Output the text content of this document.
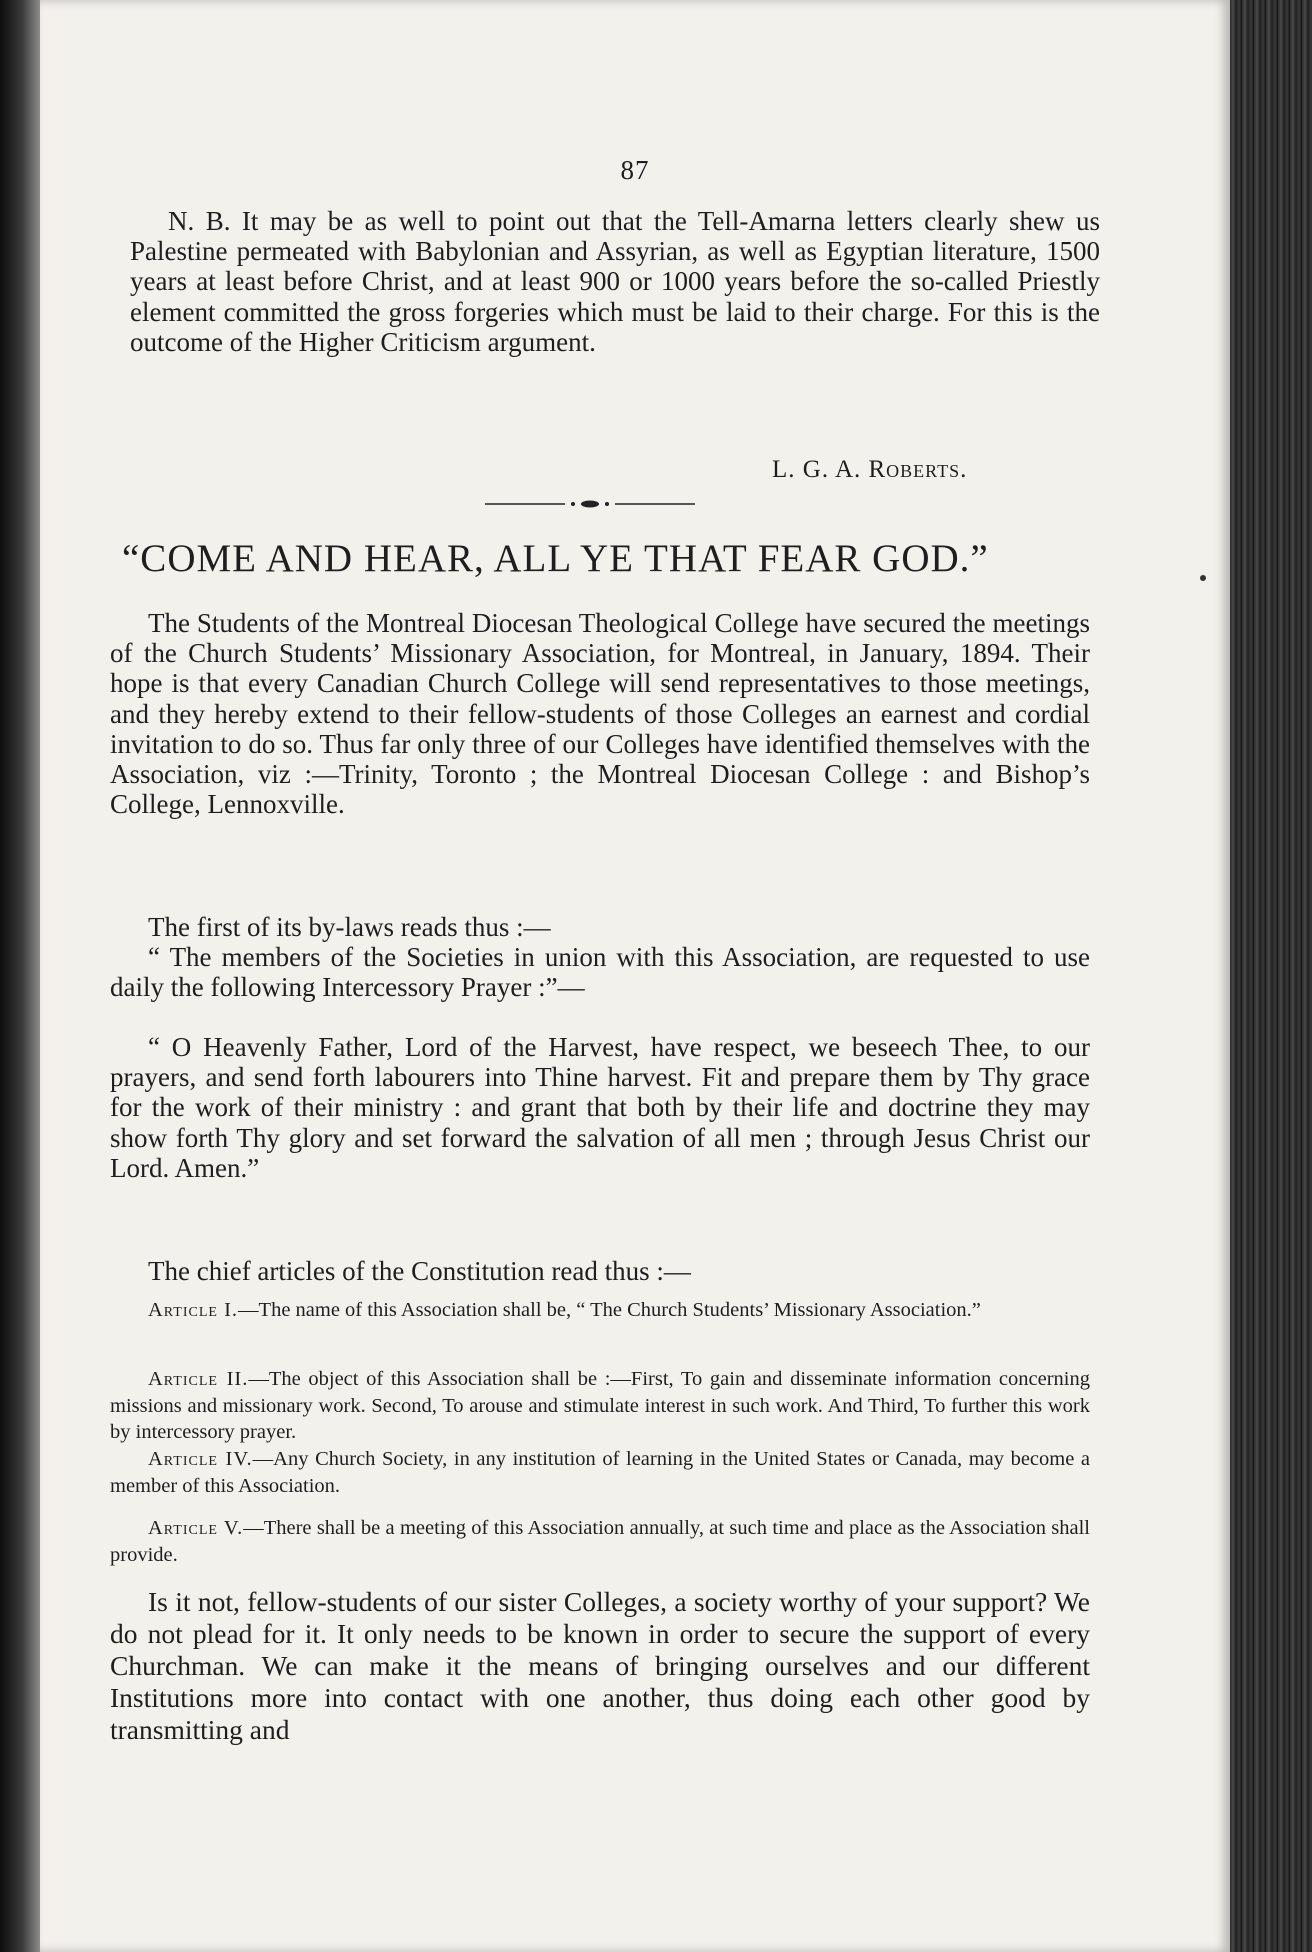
87

N. B. It may be as well to point out that the Tell-Amarna letters clearly shew us Palestine permeated with Babylonian and Assyrian, as well as Egyptian literature, 1500 years at least before Christ, and at least 900 or 1000 years before the so-called Priestly element committed the gross forgeries which must be laid to their charge. For this is the outcome of the Higher Criticism argument.

L. G. A. Roberts.
“COME AND HEAR, ALL YE THAT FEAR GOD.”

The Students of the Montreal Diocesan Theological College have secured the meetings of the Church Students’ Missionary Association, for Montreal, in January, 1894. Their hope is that every Canadian Church College will send representatives to those meetings, and they hereby extend to their fellow-students of those Colleges an earnest and cordial invitation to do so. Thus far only three of our Colleges have identified themselves with the Association, viz :—Trinity, Toronto ; the Montreal Diocesan College : and Bishop’s College, Lennoxville.

The first of its by-laws reads thus :—

“ The members of the Societies in union with this Association, are requested to use daily the following Intercessory Prayer :”—

“ O Heavenly Father, Lord of the Harvest, have respect, we beseech Thee, to our prayers, and send forth labourers into Thine harvest. Fit and prepare them by Thy grace for the work of their ministry : and grant that both by their life and doctrine they may show forth Thy glory and set forward the salvation of all men ; through Jesus Christ our Lord. Amen.”

The chief articles of the Constitution read thus :—

Article I.—The name of this Association shall be, “ The Church Students’ Missionary Association.”

Article II.—The object of this Association shall be :—First, To gain and disseminate information concerning missions and missionary work. Second, To arouse and stimulate interest in such work. And Third, To further this work by intercessory prayer.

Article IV.—Any Church Society, in any institution of learning in the United States or Canada, may become a member of this Association.

Article V.—There shall be a meeting of this Association annually, at such time and place as the Association shall provide.

Is it not, fellow-students of our sister Colleges, a society worthy of your support? We do not plead for it. It only needs to be known in order to secure the support of every Churchman. We can make it the means of bringing ourselves and our different Institutions more into contact with one another, thus doing each other good by transmitting and
